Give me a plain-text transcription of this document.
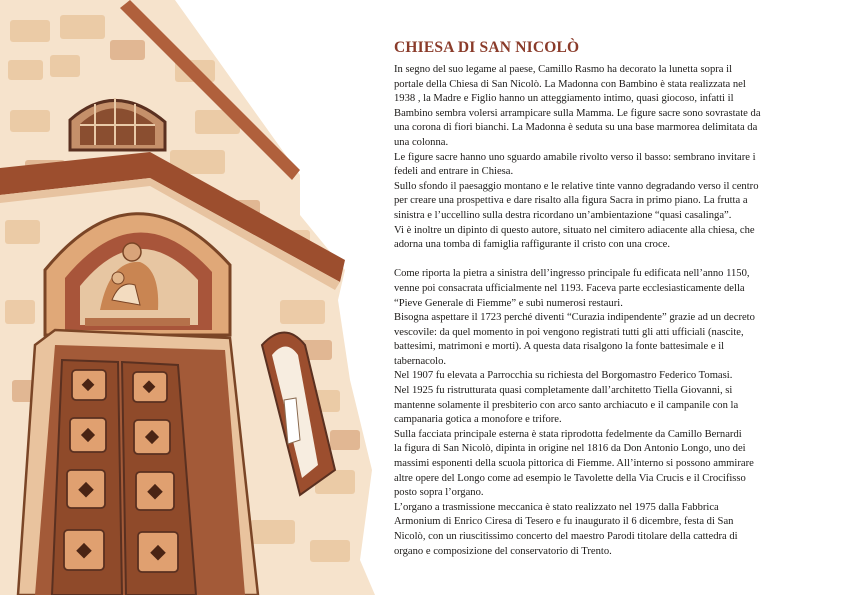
CHIESA DI SAN NICOLÒ
In segno del suo legame al paese, Camillo Rasmo ha decorato la lunetta sopra il
portale della Chiesa di San Nicolò. La Madonna con Bambino è stata realizzata nel
1938 , la Madre e Figlio hanno un atteggiamento intimo, quasi giocoso, infatti il
Bambino sembra volersi arrampicare sulla Mamma. Le figure sacre sono sovrastate da
una corona di fiori bianchi. La Madonna è seduta su una base marmorea delimitata da
una colonna.
Le figure sacre hanno uno sguardo amabile rivolto verso il basso: sembrano invitare i
fedeli and entrare in Chiesa.
Sullo sfondo il paesaggio montano e le relative tinte vanno degradando verso il centro
per creare una prospettiva e dare risalto alla figura Sacra in primo piano. La frutta a
sinistra e l’uccellino sulla destra ricordano un’ambientazione “quasi casalinga”.
Vi è inoltre un dipinto di questo autore, situato nel cimitero adiacente alla chiesa, che
adorna una tomba di famiglia raffigurante il cristo con una croce.
Come riporta la pietra a sinistra dell’ingresso principale fu edificata nell’anno 1150,
venne poi consacrata ufficialmente nel 1193. Faceva parte ecclesiasticamente della
“Pieve Generale di Fiemme” e subì numerosi restauri.
Bisogna aspettare il 1723 perché diventi “Curazia indipendente” grazie ad un decreto
vescovile: da quel momento in poi vengono registrati tutti gli atti ufficiali (nascite,
battesimi, matrimoni e morti). A questa data risalgono la fonte battesimale e il
tabernacolo.
Nel 1907 fu elevata a Parrocchia su richiesta del Borgomastro Federico Tomasi.
Nel 1925 fu ristrutturata quasi completamente dall’architetto Tiella Giovanni, si
mantenne solamente il presbiterio con arco santo archiacuto e il campanile con la
campanaria gotica a monofore e trifore.
Sulla facciata principale esterna è stata riprodotta fedelmente da Camillo Bernardi
la figura di San Nicolò, dipinta in origine nel 1816 da Don Antonio Longo, uno dei
massimi esponenti della scuola pittorica di Fiemme. All’interno si possono ammirare
altre opere del Longo come ad esempio le Tavolette della Via Crucis e il Crocifisso
posto sopra l’organo.
L’organo a trasmissione meccanica è stato realizzato nel 1975 dalla Fabbrica
Armonium di Enrico Ciresa di Tesero e fu inaugurato il 6 dicembre, festa di San
Nicolò, con un riuscitissimo concerto del maestro Parodi titolare della cattedra di
organo e composizione del conservatorio di Trento.
